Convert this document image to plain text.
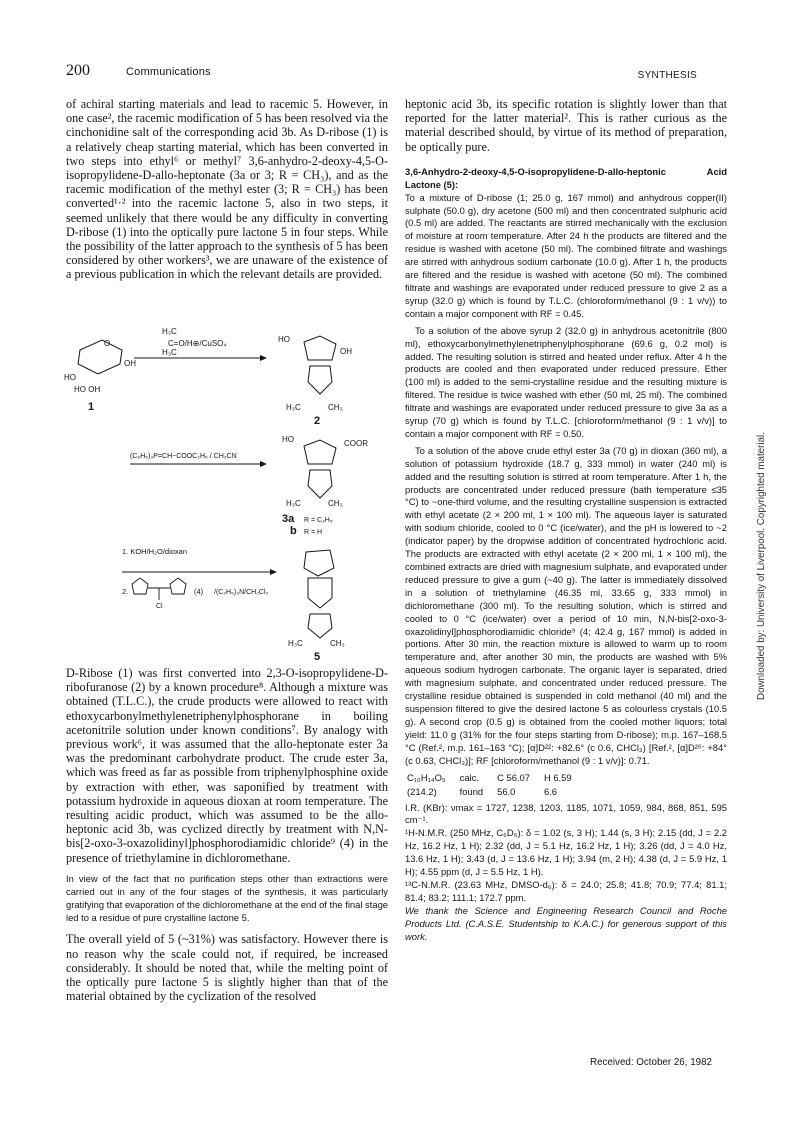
200	Communications	SYNTHESIS

of achiral starting materials and lead to racemic 5. However, in one case², the racemic modification of 5 has been resolved via the cinchonidine salt of the corresponding acid 3b. As D-ribose (1) is a relatively cheap starting material, which has been converted in two steps into ethyl⁶ or methyl⁷ 3,6-anhydro-2-deoxy-4,5-O-isopropylidene-D-allo-heptonate (3a or 3; R = CH₃), and as the racemic modification of the methyl ester (3; R = CH₃) has been converted¹·² into the racemic lactone 5, also in two steps, it seemed unlikely that there would be any difficulty in converting D-ribose (1) into the optically pure lactone 5 in four steps. While the possibility of the latter approach to the synthesis of 5 has been considered by other workers³, we are unaware of the existence of a previous publication in which the relevant details are provided.

O
OH
HO
HO OH
1
H₃C
C=O/H⊕/CuSO₄
H₃C
HO
OH
H₃C	CH₃
2
(C₆H₅)₃P=CH−COOC₂H₅ / CH₃CN
HO	COOR
H₃C	CH₃
3a R = C₂H₅
b R = H
1. KOH/H₂O/dioxan
2.
Cl
(4) /(C₂H₅)₃N/CH₂Cl₂
H₃C	CH₃
5

D-Ribose (1) was first converted into 2,3-O-isopropylidene-D-ribofuranose (2) by a known procedure⁸. Although a mixture was obtained (T.L.C.), the crude products were allowed to react with ethoxycarbonylmethylenetriphenylphosphorane in boiling acetonitrile solution under known conditions⁷. By analogy with previous work⁶, it was assumed that the allo-heptonate ester 3a was the predominant carbohydrate product. The crude ester 3a, which was freed as far as possible from triphenylphosphine oxide by extraction with ether, was saponified by treatment with potassium hydroxide in aqueous dioxan at room temperature. The resulting acidic product, which was assumed to be the allo-heptonic acid 3b, was cyclized directly by treatment with N,N-bis[2-oxo-3-oxazolidinyl]phosphorodiamidic chloride⁹ (4) in the presence of triethylamine in dichloromethane.

In view of the fact that no purification steps other than extractions were carried out in any of the four stages of the synthesis, it was particularly gratifying that evaporation of the dichloromethane at the end of the final stage led to a residue of pure crystalline lactone 5.

The overall yield of 5 (~31%) was satisfactory. However there is no reason why the scale could not, if required, be increased considerably. It should be noted that, while the melting point of the optically pure lactone 5 is slightly higher than that of the material obtained by the cyclization of the resolved

heptonic acid 3b, its specific rotation is slightly lower than that reported for the latter material². This is rather curious as the material described should, by virtue of its method of preparation, be optically pure.

3,6-Anhydro-2-deoxy-4,5-O-isopropylidene-D-allo-heptonic Acid Lactone (5):

To a mixture of D-ribose (1; 25.0 g, 167 mmol) and anhydrous copper(II) sulphate (50.0 g), dry acetone (500 ml) and then concentrated sulphuric acid (0.5 ml) are added. The reactants are stirred mechanically with the exclusion of moisture at room temperature. After 24 h the products are filtered and the residue is washed with acetone (50 ml). The combined filtrate and washings are stirred with anhydrous sodium carbonate (10.0 g). After 1 h, the products are filtered and the residue is washed with acetone (50 ml). The combined filtrate and washings are evaporated under reduced pressure to give 2 as a syrup (32.0 g) which is found by T.L.C. (chloroform/methanol (9 : 1 v/v)) to contain a major component with RF = 0.45.

To a solution of the above syrup 2 (32.0 g) in anhydrous acetonitrile (800 ml), ethoxycarbonylmethylenetriphenylphosphorane (69.6 g, 0.2 mol) is added. The resulting solution is stirred and heated under reflux. After 4 h the products are cooled and then evaporated under reduced pressure. Ether (100 ml) is added to the semi-crystalline residue and the resulting mixture is filtered. The residue is twice washed with ether (50 ml, 25 ml). The combined filtrate and washings are evaporated under reduced pressure to give 3a as a syrup (70 g) which is found by T.L.C. [chloroform/methanol (9 : 1 v/v)] to contain a major component with RF = 0.50.

To a solution of the above crude ethyl ester 3a (70 g) in dioxan (360 ml), a solution of potassium hydroxide (18.7 g, 333 mmol) in water (240 ml) is added and the resulting solution is stirred at room temperature. After 1 h, the products are concentrated under reduced pressure (bath temperature ≤35 °C) to ~one-third volume, and the resulting crystalline suspension is extracted with ethyl acetate (2 × 200 ml, 1 × 100 ml). The aqueous layer is saturated with sodium chloride, cooled to 0 °C (ice/water), and the pH is lowered to ~2 (indicator paper) by the dropwise addition of concentrated hydrochloric acid. The products are extracted with ethyl acetate (2 × 200 ml, 1 × 100 ml), the combined extracts are dried with magnesium sulphate, and evaporated under reduced pressure to give a gum (~40 g). The latter is immediately dissolved in a solution of triethylamine (46.35 ml, 33.65 g, 333 mmol) in dichloromethane (300 ml). To the resulting solution, which is stirred and cooled to 0 °C (ice/water) over a period of 10 min, N,N-bis[2-oxo-3-oxazolidinyl]phosphorodiamidic chloride⁹ (4; 42.4 g, 167 mmol) is added in portions. After 30 min, the reaction mixture is allowed to warm up to room temperature and, after another 30 min, the products are washed with 5% aqueous sodium hydrogen carbonate. The organic layer is separated, dried with magnesium sulphate, and concentrated under reduced pressure. The crystalline residue obtained is suspended in cold methanol (40 ml) and the suspension filtered to give the desired lactone 5 as colourless crystals (10.5 g). A second crop (0.5 g) is obtained from the cooled mother liquors; total yield: 11.0 g (31% for the four steps starting from D-ribose); m.p. 167–168.5 °C (Ref.², m.p. 161–163 °C); [α]D²²: +82.6° (c 0.6, CHCl₃) [Ref.², [α]D²⁶: +84° (c 0.63, CHCl₃)]; RF [chloroform/methanol (9 : 1 v/v)]: 0.71.

C₁₀H₁₄O₅	calc.	C 56.07	H 6.59
(214.2)	found	56.0	6.6

I.R. (KBr): νmax = 1727, 1238, 1203, 1185, 1071, 1059, 984, 868, 851, 595 cm⁻¹.

¹H-N.M.R. (250 MHz, C₆D₆): δ = 1.02 (s, 3 H); 1.44 (s, 3 H); 2.15 (dd, J = 2.2 Hz, 16.2 Hz, 1 H); 2.32 (dd, J = 5.1 Hz, 16.2 Hz, 1 H); 3.26 (dd, J = 4.0 Hz, 13.6 Hz, 1 H); 3.43 (d, J = 13.6 Hz, 1 H); 3.94 (m, 2 H); 4.38 (d, J = 5.9 Hz, 1 H); 4.55 ppm (d, J = 5.5 Hz, 1 H).

¹³C-N.M.R. (23.63 MHz, DMSO-d₆): δ = 24.0; 25.8; 41.8; 70.9; 77.4; 81.1; 81.4; 83.2; 111.1; 172.7 ppm.

We thank the Science and Engineering Research Council and Roche Products Ltd. (C.A.S.E. Studentship to K.A.C.) for generous support of this work.

Received: October 26, 1982
Downloaded by: University of Liverpool. Copyrighted material.
